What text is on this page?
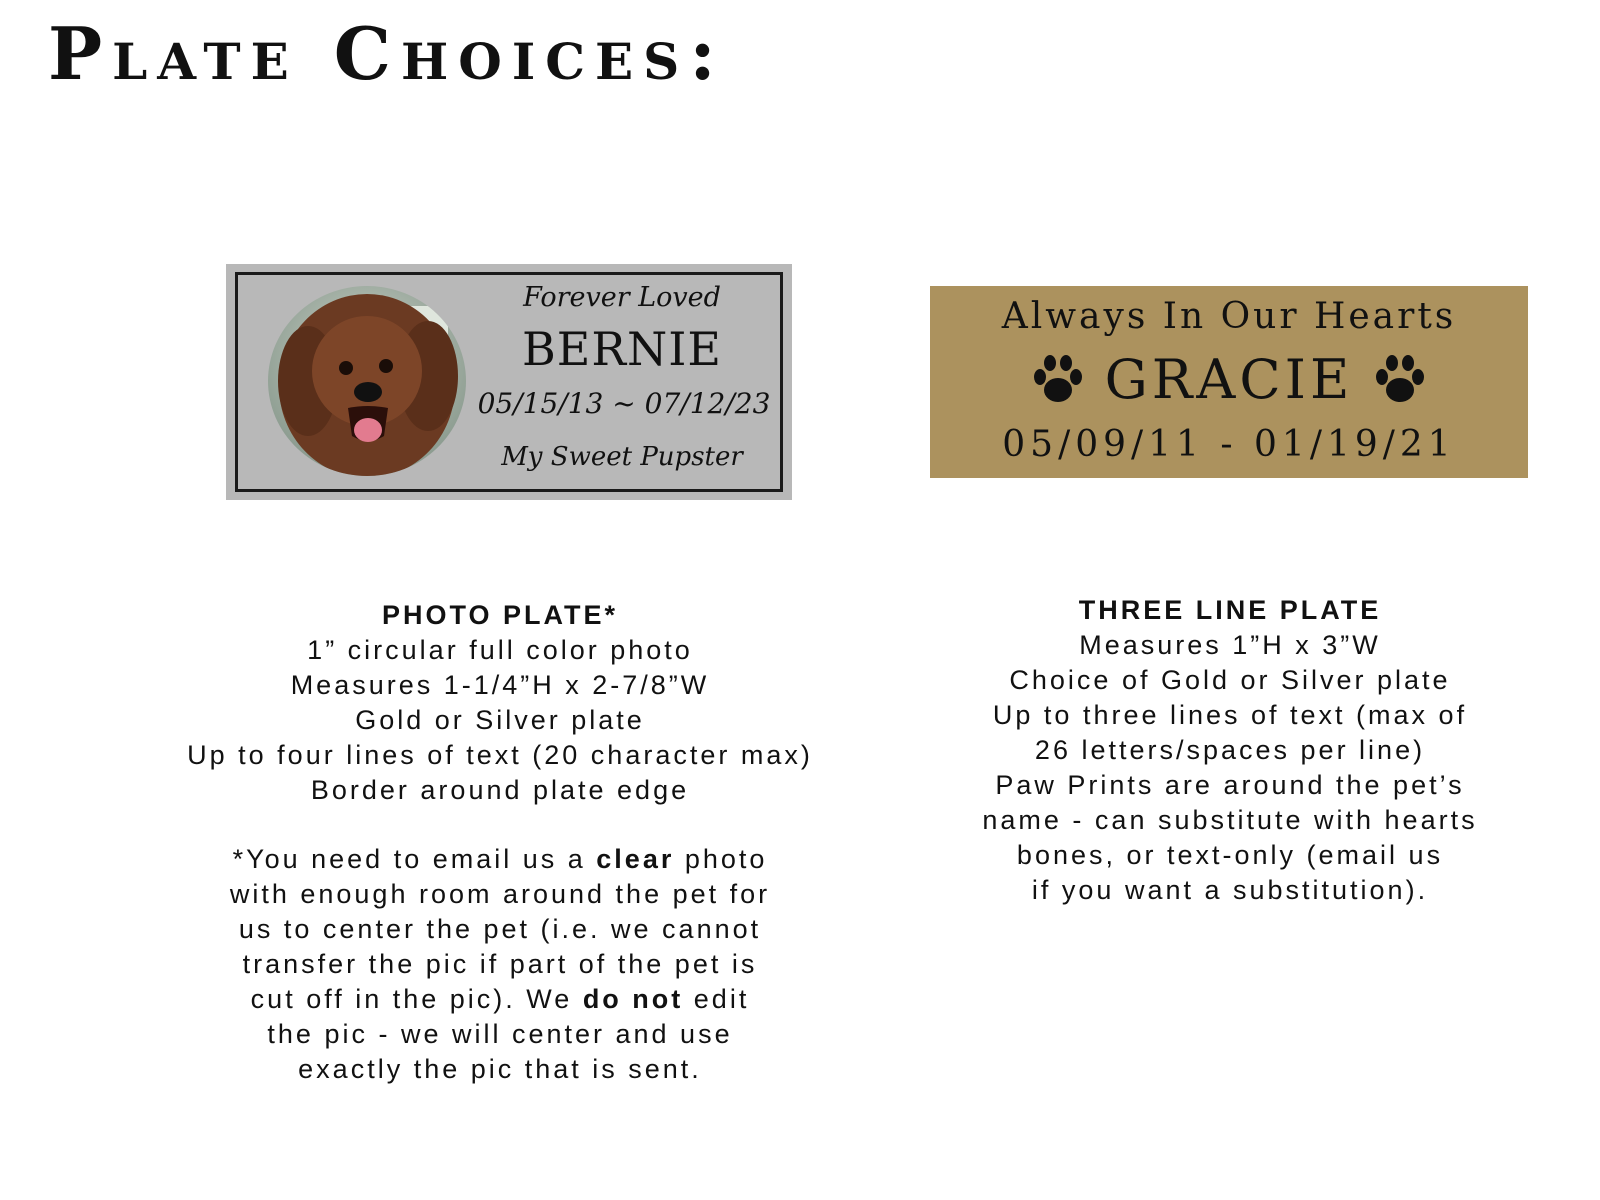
Plate Choices:
Forever Loved
BERNIE
05/15/13 ~ 07/12/23
My Sweet Pupster
Always In Our Hearts
GRACIE
05/09/11 - 01/19/21
PHOTO PLATE*
1” circular full color photo
Measures 1-1/4”H x 2-7/8”W
Gold or Silver plate
Up to four lines of text (20 character max)
Border around plate edge
*You need to email us a clear photo
with enough room around the pet for
us to center the pet (i.e. we cannot
transfer the pic if part of the pet is
cut off in the pic). We do not edit
the pic - we will center and use
exactly the pic that is sent.
THREE LINE PLATE
Measures 1”H x 3”W
Choice of Gold or Silver plate
Up to three lines of text (max of
26 letters/spaces per line)
Paw Prints are around the pet’s
name - can substitute with hearts
bones, or text-only (email us
if you want a substitution).
